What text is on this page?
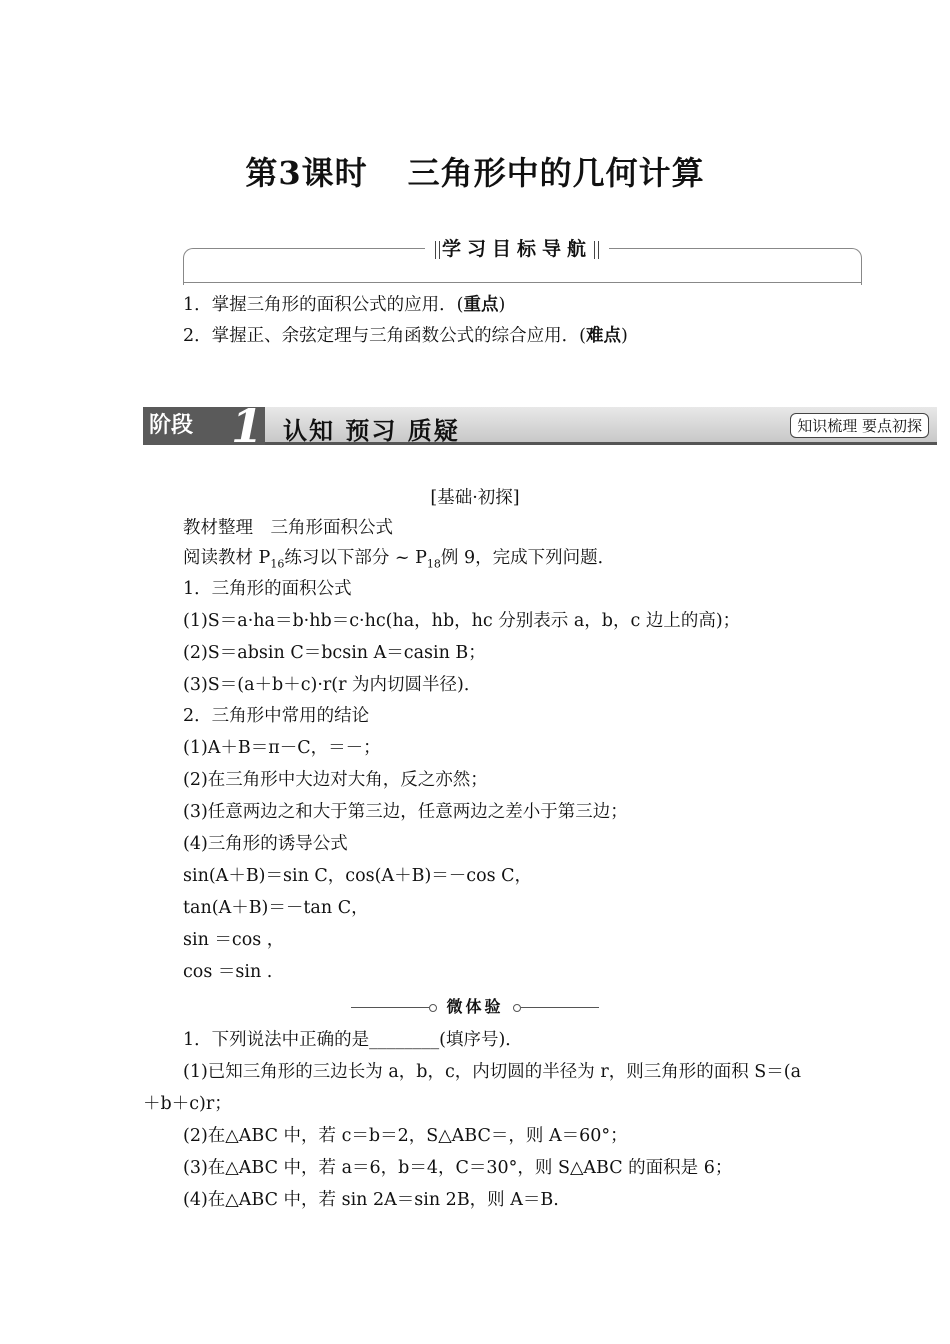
第3课时 三角形中的几何计算
学习目标导航
1．掌握三角形的面积公式的应用．(重点)
2．掌握正、余弦定理与三角函数公式的综合应用．(难点)
阶段 1 认知 预习 质疑	知识梳理 要点初探
[基础·初探]
教材整理　三角形面积公式
阅读教材 $P_{16}$练习以下部分 ~ $P_{18}$例 9，完成下列问题．
1．三角形的面积公式
(1)S＝a·ha＝b·hb＝c·hc(ha，hb，hc 分别表示 a，b，c 边上的高)；
(2)S＝absin C＝bcsin A＝casin B；
(3)S＝(a＋b＋c)·r(r 为内切圆半径)．
2．三角形中常用的结论
(1)A＋B＝π－C，＝－；
(2)在三角形中大边对大角，反之亦然；
(3)任意两边之和大于第三边，任意两边之差小于第三边；
(4)三角形的诱导公式
sin(A＋B)＝sin C，cos(A＋B)＝－cos C，
tan(A＋B)＝－tan C，
sin ＝cos ，
cos ＝sin .
微体验
1．下列说法中正确的是________(填序号)．
(1)已知三角形的三边长为 a，b，c，内切圆的半径为 r，则三角形的面积 S＝(a
＋b＋c)r；
(2)在△ABC 中，若 c＝b＝2，S△ABC＝，则 A＝60°；
(3)在△ABC 中，若 a＝6，b＝4，C＝30°，则 S△ABC 的面积是 6；
(4)在△ABC 中，若 sin 2A＝sin 2B，则 A＝B.
